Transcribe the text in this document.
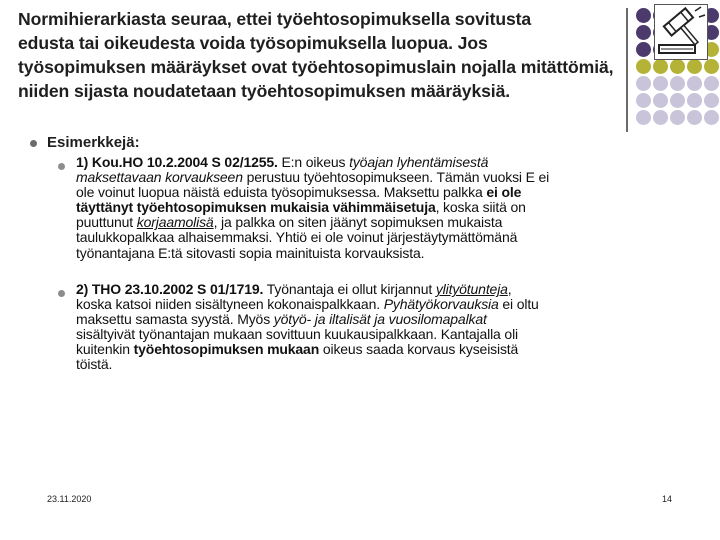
Normihierarkiasta seuraa, ettei työehtosopimuksella sovitusta
edusta tai oikeudesta voida työsopimuksella luopua. Jos
työsopimuksen määräykset ovat työehtosopimuslain nojalla mitättömiä,
niiden sijasta noudatetaan työehtosopimuksen määräyksiä.
Esimerkkejä:
1) Kou.HO 10.2.2004 S 02/1255. E:n oikeus työajan lyhentämisestä
maksettavaan korvaukseen perustuu työehtosopimukseen. Tämän vuoksi E ei
ole voinut luopua näistä eduista työsopimuksessa. Maksettu palkka ei ole
täyttänyt työehtosopimuksen mukaisia vähimmäisetuja, koska siitä on
puuttunut korjaamolisä, ja palkka on siten jäänyt sopimuksen mukaista
taulukkopalkkaa alhaisemmaksi. Yhtiö ei ole voinut järjestäytymättömänä
työnantajana E:tä sitovasti sopia mainituista korvauksista.
2) THO 23.10.2002 S 01/1719. Työnantaja ei ollut kirjannut ylityötunteja,
koska katsoi niiden sisältyneen kokonaispalkkaan. Pyhätyökorvauksia ei oltu
maksettu samasta syystä. Myös yötyö- ja iltalisät ja vuosilomapalkat
sisältyivät työnantajan mukaan sovittuun kuukausipalkkaan. Kantajalla oli
kuitenkin työehtosopimuksen mukaan oikeus saada korvaus kyseisistä
töistä.
23.11.2020	14
